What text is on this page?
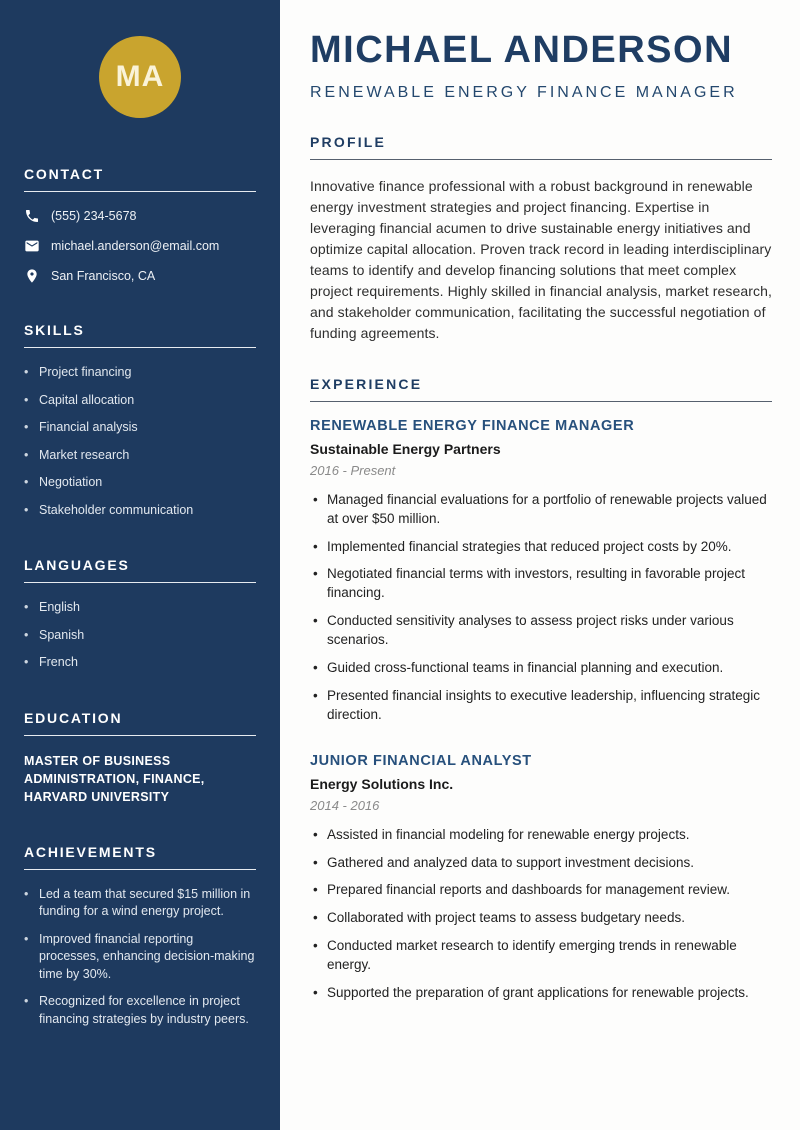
MA
CONTACT
(555) 234-5678
michael.anderson@email.com
San Francisco, CA
SKILLS
• Project financing
• Capital allocation
• Financial analysis
• Market research
• Negotiation
• Stakeholder communication
LANGUAGES
• English
• Spanish
• French
EDUCATION
MASTER OF BUSINESS ADMINISTRATION, FINANCE, HARVARD UNIVERSITY
ACHIEVEMENTS
• Led a team that secured $15 million in funding for a wind energy project.
• Improved financial reporting processes, enhancing decision-making time by 30%.
• Recognized for excellence in project financing strategies by industry peers.
MICHAEL ANDERSON
RENEWABLE ENERGY FINANCE MANAGER
PROFILE

Innovative finance professional with a robust background in renewable energy investment strategies and project financing. Expertise in leveraging financial acumen to drive sustainable energy initiatives and optimize capital allocation. Proven track record in leading interdisciplinary teams to identify and develop financing solutions that meet complex project requirements. Highly skilled in financial analysis, market research, and stakeholder communication, facilitating the successful negotiation of funding agreements.

EXPERIENCE
RENEWABLE ENERGY FINANCE MANAGER
Sustainable Energy Partners
2016 - Present
• Managed financial evaluations for a portfolio of renewable projects valued at over $50 million.
• Implemented financial strategies that reduced project costs by 20%.
• Negotiated financial terms with investors, resulting in favorable project financing.
• Conducted sensitivity analyses to assess project risks under various scenarios.
• Guided cross-functional teams in financial planning and execution.
• Presented financial insights to executive leadership, influencing strategic direction.
JUNIOR FINANCIAL ANALYST
Energy Solutions Inc.
2014 - 2016
• Assisted in financial modeling for renewable energy projects.
• Gathered and analyzed data to support investment decisions.
• Prepared financial reports and dashboards for management review.
• Collaborated with project teams to assess budgetary needs.
• Conducted market research to identify emerging trends in renewable energy.
• Supported the preparation of grant applications for renewable projects.
